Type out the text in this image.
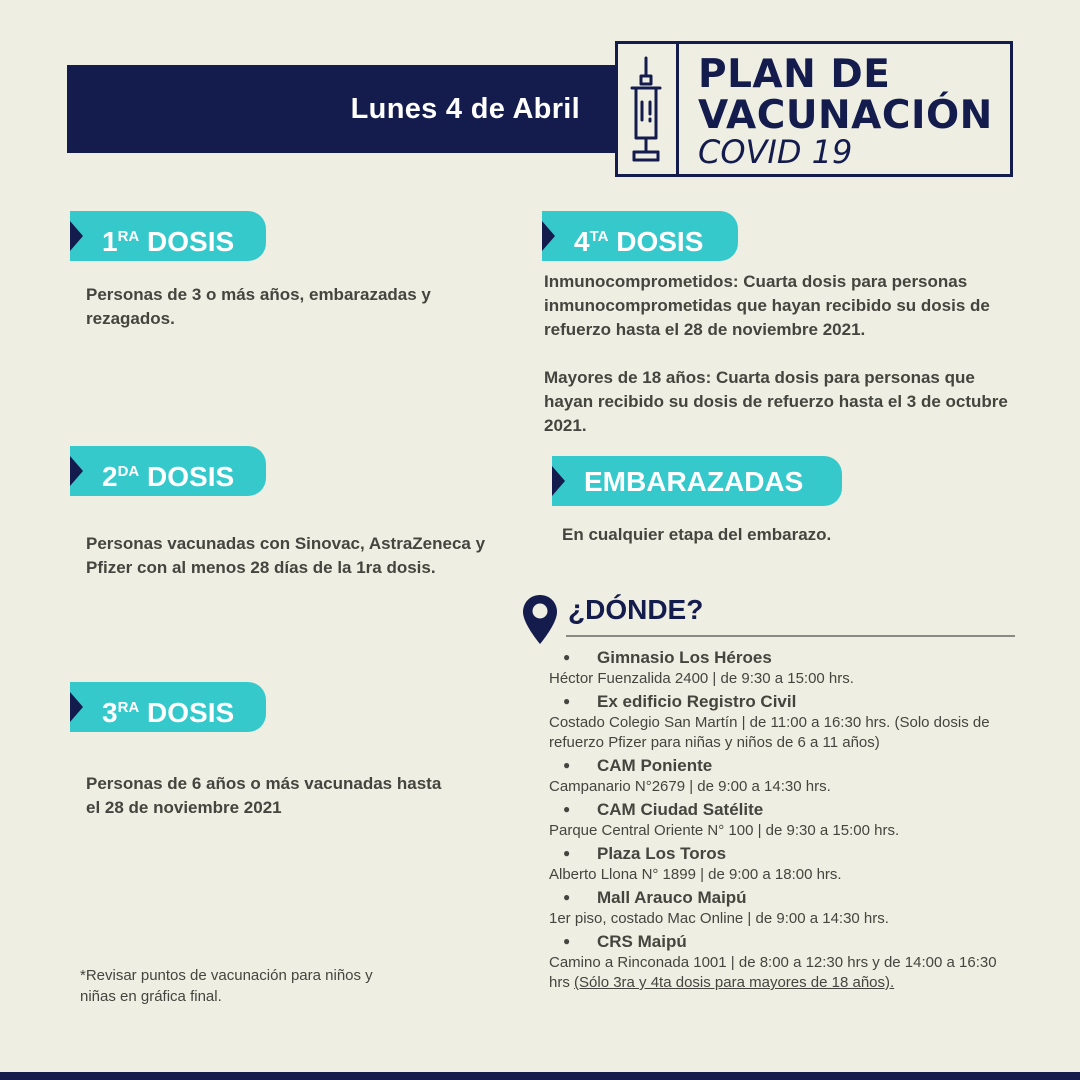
Lunes 4 de Abril
PLAN DE
VACUNACIÓN
COVID 19
$1^{RA}$ DOSIS
Personas de 3 o más años, embarazadas y rezagados.
$2^{DA}$ DOSIS
Personas vacunadas con Sinovac, AstraZeneca y Pfizer con al menos 28 días de la 1ra dosis.
$3^{RA}$ DOSIS
Personas de 6 años o más vacunadas hasta el 28 de noviembre 2021
$4^{TA}$ DOSIS
Inmunocomprometidos: Cuarta dosis para personas inmunocomprometidas que hayan recibido su dosis de refuerzo hasta el 28 de noviembre 2021.
Mayores de 18 años: Cuarta dosis para personas que hayan recibido su dosis de refuerzo hasta el 3 de octubre 2021.
EMBARAZADAS
En cualquier etapa del embarazo.
¿DÓNDE?
● Gimnasio Los Héroes
Héctor Fuenzalida 2400 | de 9:30 a 15:00 hrs.
● Ex edificio Registro Civil
Costado Colegio San Martín | de 11:00 a 16:30 hrs. (Solo dosis de refuerzo Pfizer para niñas y niños de 6 a 11 años)
● CAM Poniente
Campanario N°2679 | de 9:00 a 14:30 hrs.
● CAM Ciudad Satélite
Parque Central Oriente N° 100 | de 9:30 a 15:00 hrs.
● Plaza Los Toros
Alberto Llona N° 1899 | de 9:00 a 18:00 hrs.
● Mall Arauco Maipú
1er piso, costado Mac Online | de 9:00 a 14:30 hrs.
● CRS Maipú
Camino a Rinconada 1001 | de 8:00 a 12:30 hrs y de 14:00 a 16:30 hrs (Sólo 3ra y 4ta dosis para mayores de 18 años).
*Revisar puntos de vacunación para niños y niñas en gráfica final.
